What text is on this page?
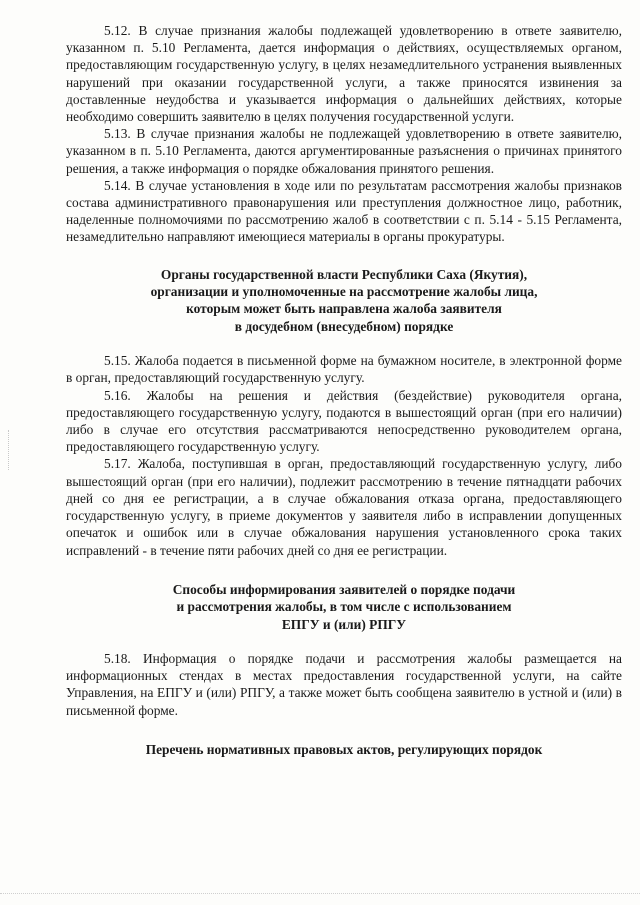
5.12. В случае признания жалобы подлежащей удовлетворению в ответе заявителю, указанном п. 5.10 Регламента, дается информация о действиях, осуществляемых органом, предоставляющим государственную услугу, в целях незамедлительного устранения выявленных нарушений при оказании государственной услуги, а также приносятся извинения за доставленные неудобства и указывается информация о дальнейших действиях, которые необходимо совершить заявителю в целях получения государственной услуги.

5.13. В случае признания жалобы не подлежащей удовлетворению в ответе заявителю, указанном в п. 5.10 Регламента, даются аргументированные разъяснения о причинах принятого решения, а также информация о порядке обжалования принятого решения.

5.14. В случае установления в ходе или по результатам рассмотрения жалобы признаков состава административного правонарушения или преступления должностное лицо, работник, наделенные полномочиями по рассмотрению жалоб в соответствии с п. 5.14 - 5.15 Регламента, незамедлительно направляют имеющиеся материалы в органы прокуратуры.

Органы государственной власти Республики Саха (Якутия),
организации и уполномоченные на рассмотрение жалобы лица,
которым может быть направлена жалоба заявителя
в досудебном (внесудебном) порядке

5.15. Жалоба подается в письменной форме на бумажном носителе, в электронной форме в орган, предоставляющий государственную услугу.

5.16. Жалобы на решения и действия (бездействие) руководителя органа, предоставляющего государственную услугу, подаются в вышестоящий орган (при его наличии) либо в случае его отсутствия рассматриваются непосредственно руководителем органа, предоставляющего государственную услугу.

5.17. Жалоба, поступившая в орган, предоставляющий государственную услугу, либо вышестоящий орган (при его наличии), подлежит рассмотрению в течение пятнадцати рабочих дней со дня ее регистрации, а в случае обжалования отказа органа, предоставляющего государственную услугу, в приеме документов у заявителя либо в исправлении допущенных опечаток и ошибок или в случае обжалования нарушения установленного срока таких исправлений - в течение пяти рабочих дней со дня ее регистрации.

Способы информирования заявителей о порядке подачи
и рассмотрения жалобы, в том числе с использованием
ЕПГУ и (или) РПГУ

5.18. Информация о порядке подачи и рассмотрения жалобы размещается на информационных стендах в местах предоставления государственной услуги, на сайте Управления, на ЕПГУ и (или) РПГУ, а также может быть сообщена заявителю в устной и (или) в письменной форме.

Перечень нормативных правовых актов, регулирующих порядок
